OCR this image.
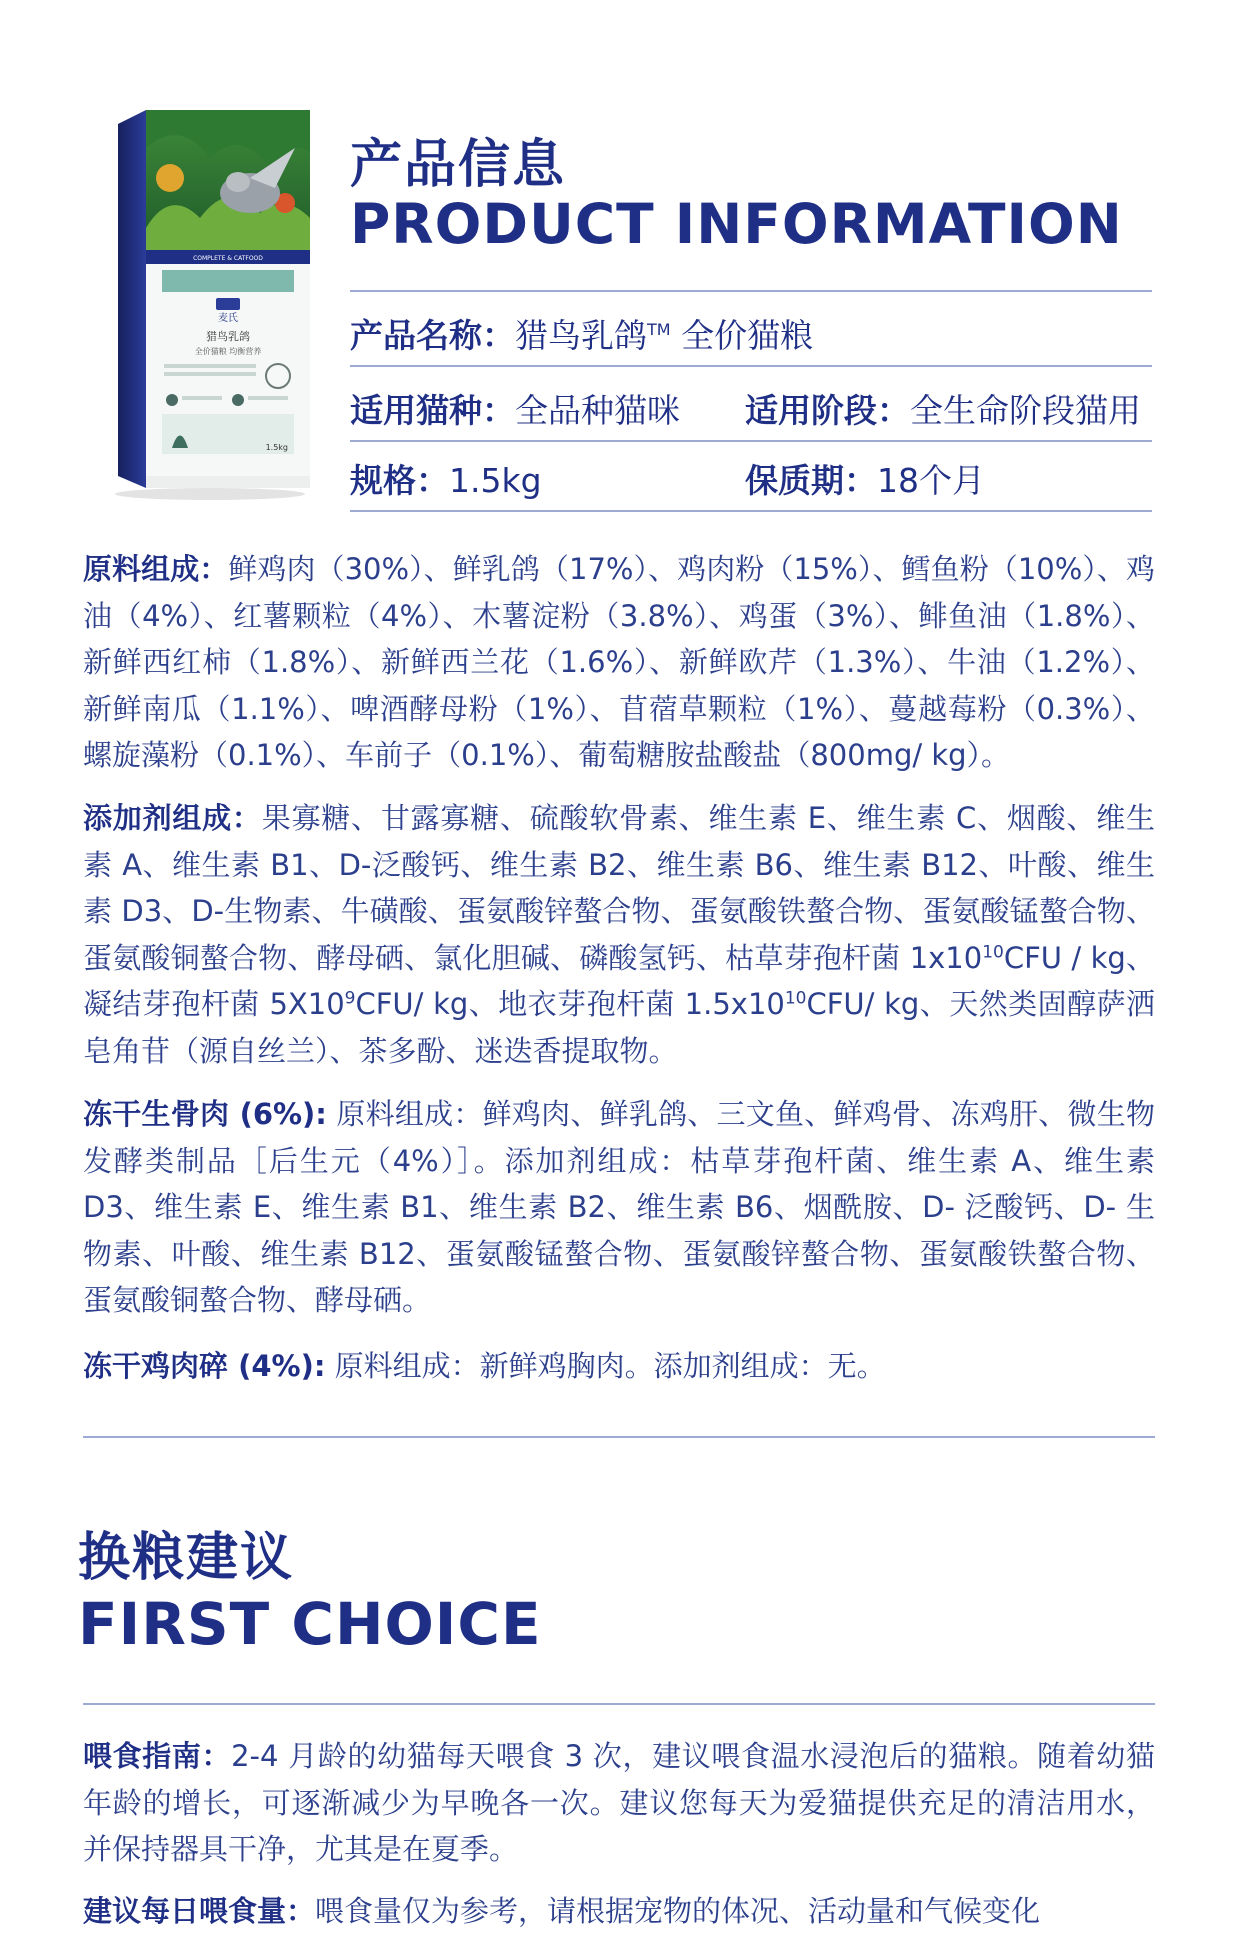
COMPLETE & CATFOOD
麦氏
猎鸟乳鸽
全价猫粮 均衡营养
1.5kg
产品信息
PRODUCT INFORMATION
产品名称：猎鸟乳鸽™ 全价猫粮
适用猫种：全品种猫咪 适用阶段：全生命阶段猫用
规格：1.5kg	保质期：18个月
原料组成：鲜鸡肉（30%）、鲜乳鸽（17%）、鸡肉粉（15%）、鳕鱼粉（10%）、鸡油（4%）、红薯颗粒（4%）、木薯淀粉（3.8%）、鸡蛋（3%）、鲱鱼油（1.8%）、新鲜西红柿（1.8%）、新鲜西兰花（1.6%）、新鲜欧芹（1.3%）、牛油（1.2%）、新鲜南瓜（1.1%）、啤酒酵母粉（1%）、苜蓿草颗粒（1%）、蔓越莓粉（0.3%）、螺旋藻粉（0.1%）、车前子（0.1%）、葡萄糖胺盐酸盐（800mg/ kg）。
添加剂组成：果寡糖、甘露寡糖、硫酸软骨素、维生素 E、维生素 C、烟酸、维生素 A、维生素 B1、D-泛酸钙、维生素 B2、维生素 B6、维生素 B12、叶酸、维生素 D3、D-生物素、牛磺酸、蛋氨酸锌螯合物、蛋氨酸铁螯合物、蛋氨酸锰螯合物、蛋氨酸铜螯合物、酵母硒、氯化胆碱、磷酸氢钙、枯草芽孢杆菌 $1x10^{10}CFU$ / kg、凝结芽孢杆菌 $5X10^9CFU/$ kg、地衣芽孢杆菌 $1.5x10^{10}CFU/$ kg、天然类固醇萨洒皂角苷（源自丝兰）、茶多酚、迷迭香提取物。
冻干生骨肉 (6%): 原料组成：鲜鸡肉、鲜乳鸽、三文鱼、鲜鸡骨、冻鸡肝、微生物发酵类制品［后生元（4%）］。添加剂组成：枯草芽孢杆菌、维生素 A、维生素 D3、维生素 E、维生素 B1、维生素 B2、维生素 B6、烟酰胺、D- 泛酸钙、D- 生物素、叶酸、维生素 B12、蛋氨酸锰螯合物、蛋氨酸锌螯合物、蛋氨酸铁螯合物、蛋氨酸铜螯合物、酵母硒。
冻干鸡肉碎 (4%): 原料组成：新鲜鸡胸肉。添加剂组成：无。
换粮建议
FIRST CHOICE
喂食指南：2-4 月龄的幼猫每天喂食 3 次，建议喂食温水浸泡后的猫粮。随着幼猫年龄的增长，可逐渐减少为早晚各一次。建议您每天为爱猫提供充足的清洁用水，并保持器具干净，尤其是在夏季。
建议每日喂食量：喂食量仅为参考，请根据宠物的体况、活动量和气候变化
